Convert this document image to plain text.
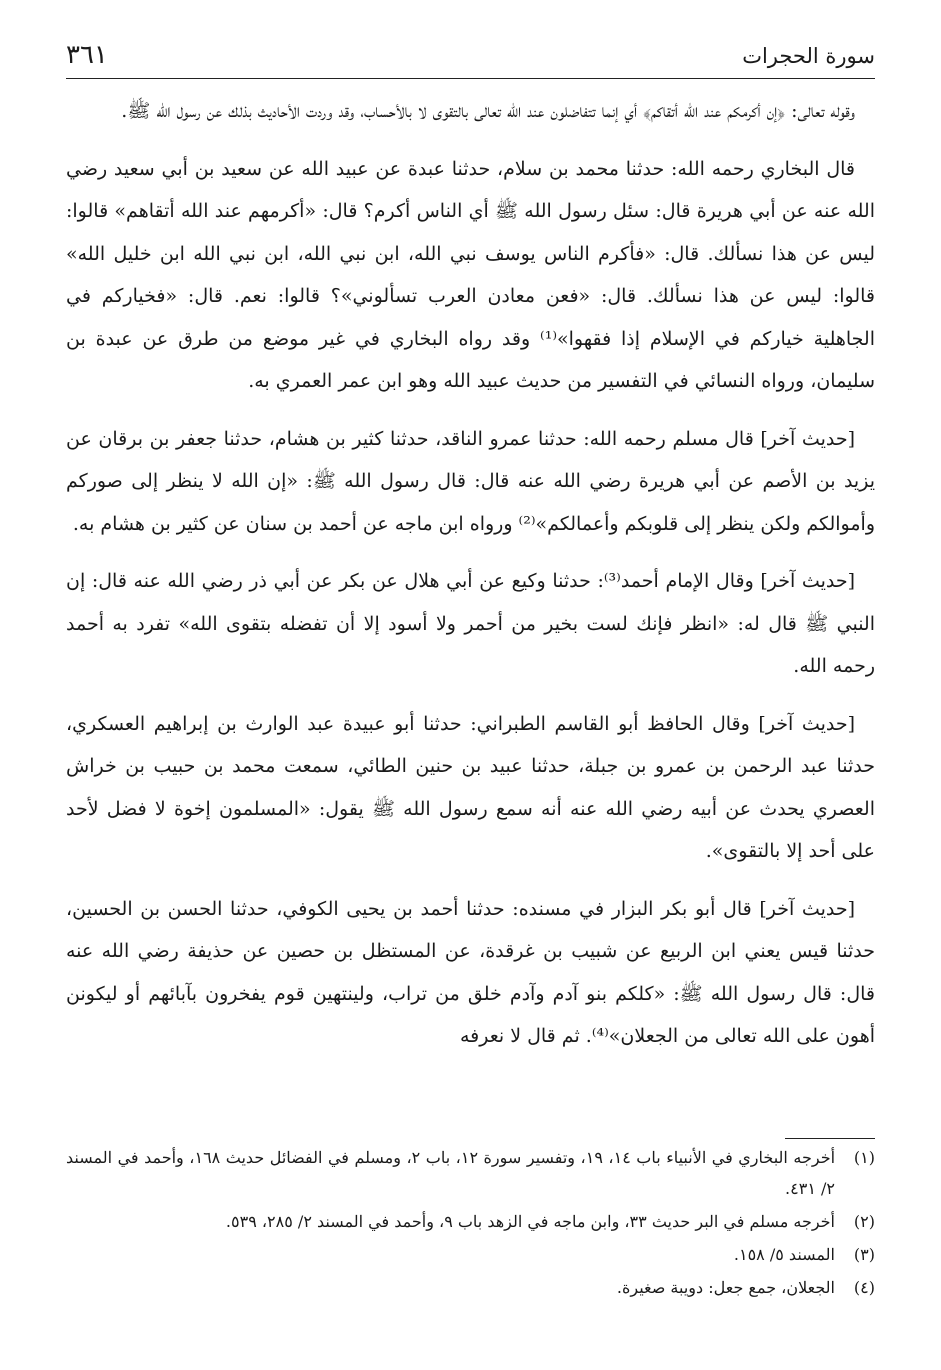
سورة الحجرات
٣٦١

وقوله تعالى: ﴿إن أكرمكم عند الله أتقاكم﴾ أي إنما تتفاضلون عند الله تعالى بالتقوى لا بالأحساب، وقد وردت الأحاديث بذلك عن رسول الله ﷺ.

قال البخاري رحمه الله: حدثنا محمد بن سلام، حدثنا عبدة عن عبيد الله عن سعيد بن أبي سعيد رضي الله عنه عن أبي هريرة قال: سئل رسول الله ﷺ أي الناس أكرم؟ قال: «أكرمهم عند الله أتقاهم» قالوا: ليس عن هذا نسألك. قال: «فأكرم الناس يوسف نبي الله، ابن نبي الله، ابن نبي الله ابن خليل الله» قالوا: ليس عن هذا نسألك. قال: «فعن معادن العرب تسألوني»؟ قالوا: نعم. قال: «فخياركم في الجاهلية خياركم في الإسلام إذا فقهوا»⁽¹⁾ وقد رواه البخاري في غير موضع من طرق عن عبدة بن سليمان، ورواه النسائي في التفسير من حديث عبيد الله وهو ابن عمر العمري به.

[حديث آخر] قال مسلم رحمه الله: حدثنا عمرو الناقد، حدثنا كثير بن هشام، حدثنا جعفر بن برقان عن يزيد بن الأصم عن أبي هريرة رضي الله عنه قال: قال رسول الله ﷺ: «إن الله لا ينظر إلى صوركم وأموالكم ولكن ينظر إلى قلوبكم وأعمالكم»⁽²⁾ ورواه ابن ماجه عن أحمد بن سنان عن كثير بن هشام به.

[حديث آخر] وقال الإمام أحمد⁽³⁾: حدثنا وكيع عن أبي هلال عن بكر عن أبي ذر رضي الله عنه قال: إن النبي ﷺ قال له: «انظر فإنك لست بخير من أحمر ولا أسود إلا أن تفضله بتقوى الله» تفرد به أحمد رحمه الله.

[حديث آخر] وقال الحافظ أبو القاسم الطبراني: حدثنا أبو عبيدة عبد الوارث بن إبراهيم العسكري، حدثنا عبد الرحمن بن عمرو بن جبلة، حدثنا عبيد بن حنين الطائي، سمعت محمد بن حبيب بن خراش العصري يحدث عن أبيه رضي الله عنه أنه سمع رسول الله ﷺ يقول: «المسلمون إخوة لا فضل لأحد على أحد إلا بالتقوى».

[حديث آخر] قال أبو بكر البزار في مسنده: حدثنا أحمد بن يحيى الكوفي، حدثنا الحسن بن الحسين، حدثنا قيس يعني ابن الربيع عن شبيب بن غرقدة، عن المستظل بن حصين عن حذيفة رضي الله عنه قال: قال رسول الله ﷺ: «كلكم بنو آدم وآدم خلق من تراب، ولينتهين قوم يفخرون بآبائهم أو ليكونن أهون على الله تعالى من الجعلان»⁽⁴⁾. ثم قال لا نعرفه

(١)
أخرجه البخاري في الأنبياء باب ١٤، ١٩، وتفسير سورة ١٢، باب ٢، ومسلم في الفضائل حديث ١٦٨، وأحمد في المسند ٢/ ٤٣١.
(٢)
أخرجه مسلم في البر حديث ٣٣، وابن ماجه في الزهد باب ٩، وأحمد في المسند ٢/ ٢٨٥، ٥٣٩.
(٣)
المسند ٥/ ١٥٨.
(٤)
الجعلان، جمع جعل: دويبة صغيرة.
